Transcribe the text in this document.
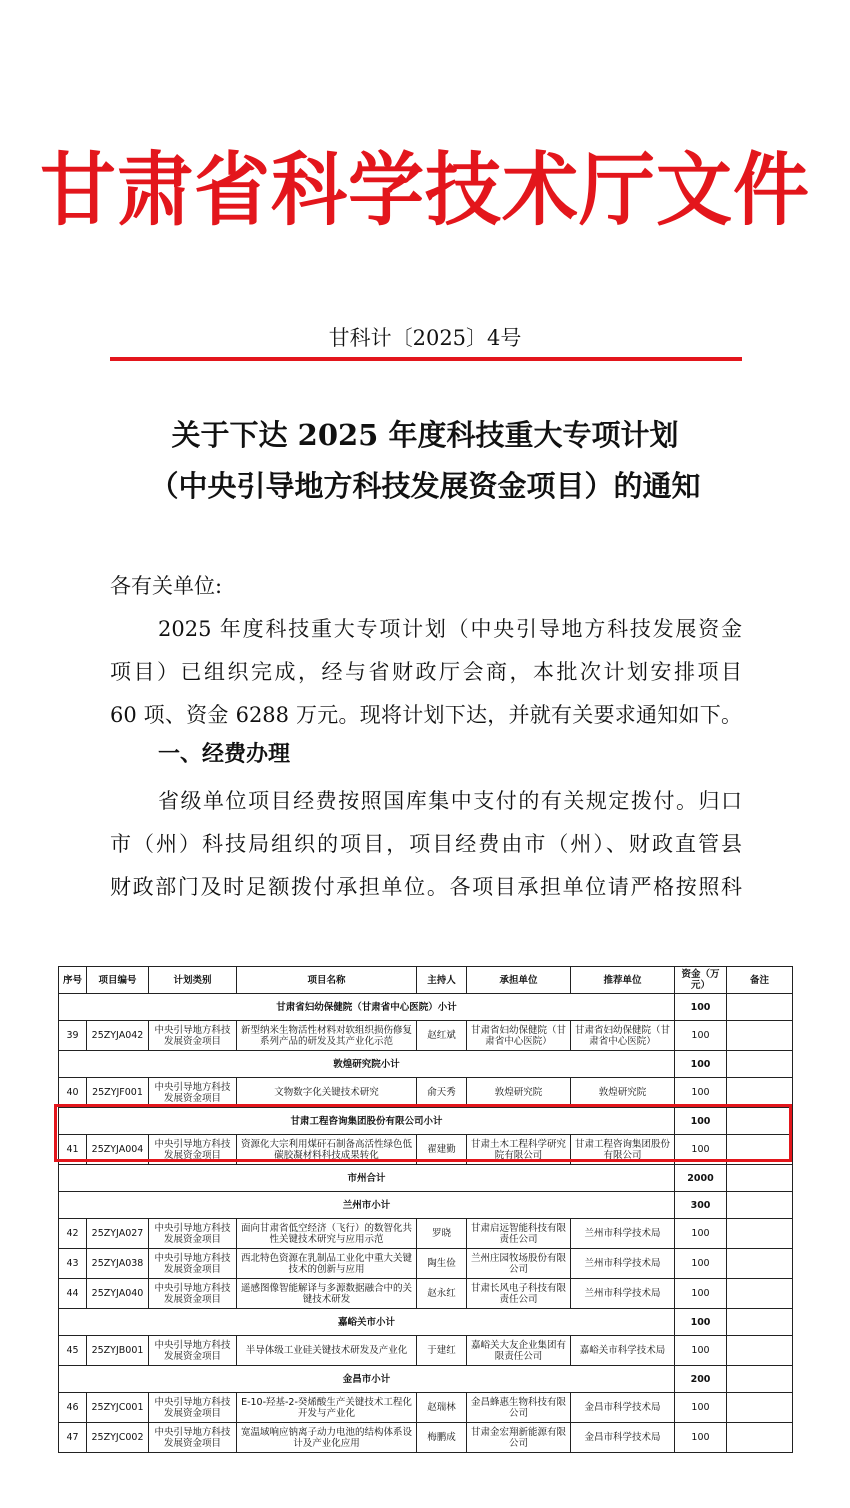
甘肃省科学技术厅文件
甘科计〔2025〕4号
关于下达 2025 年度科技重大专项计划
（中央引导地方科技发展资金项目）的通知
各有关单位:
2025 年度科技重大专项计划（中央引导地方科技发展资金
项目）已组织完成，经与省财政厅会商，本批次计划安排项目
60 项、资金 6288 万元。现将计划下达，并就有关要求通知如下。
一、经费办理
省级单位项目经费按照国库集中支付的有关规定拨付。归口
市（州）科技局组织的项目，项目经费由市（州）、财政直管县
财政部门及时足额拨付承担单位。各项目承担单位请严格按照科
序号	项目编号	计划类别	项目名称	主持人	承担单位	推荐单位	资金（万元）	备注
甘肃省妇幼保健院（甘肃省中心医院）小计							100	
39	25ZYJA042	中央引导地方科技发展资金项目	新型纳米生物活性材料对软组织损伤修复系列产品的研发及其产业化示范	赵红斌	甘肃省妇幼保健院（甘肃省中心医院）	甘肃省妇幼保健院（甘肃省中心医院）	100	
敦煌研究院小计							100	
40	25ZYJF001	中央引导地方科技发展资金项目	文物数字化关键技术研究	俞天秀	敦煌研究院	敦煌研究院	100	
甘肃工程咨询集团股份有限公司小计							100	
41	25ZYJA004	中央引导地方科技发展资金项目	资源化大宗利用煤矸石制备高活性绿色低碳胶凝材料科技成果转化	翟建勤	甘肃土木工程科学研究院有限公司	甘肃工程咨询集团股份有限公司	100	
市州合计							2000	
兰州市小计							300	
42	25ZYJA027	中央引导地方科技发展资金项目	面向甘肃省低空经济（飞行）的数智化共性关键技术研究与应用示范	罗晓	甘肃启远智能科技有限责任公司	兰州市科学技术局	100	
43	25ZYJA038	中央引导地方科技发展资金项目	西北特色资源在乳制品工业化中重大关键技术的创新与应用	陶生俭	兰州庄园牧场股份有限公司	兰州市科学技术局	100	
44	25ZYJA040	中央引导地方科技发展资金项目	遥感图像智能解译与多源数据融合中的关键技术研发	赵永红	甘肃长风电子科技有限责任公司	兰州市科学技术局	100	
嘉峪关市小计							100	
45	25ZYJB001	中央引导地方科技发展资金项目	半导体级工业硅关键技术研发及产业化	于建红	嘉峪关大友企业集团有限责任公司	嘉峪关市科学技术局	100	
金昌市小计							200	
46	25ZYJC001	中央引导地方科技发展资金项目	E-10-羟基-2-癸烯酸生产关键技术工程化开发与产业化	赵瑞林	金昌蜂惠生物科技有限公司	金昌市科学技术局	100	
47	25ZYJC002	中央引导地方科技发展资金项目	宽温域响应钠离子动力电池的结构体系设计及产业化应用	梅鹏成	甘肃金宏翔新能源有限公司	金昌市科学技术局	100	
